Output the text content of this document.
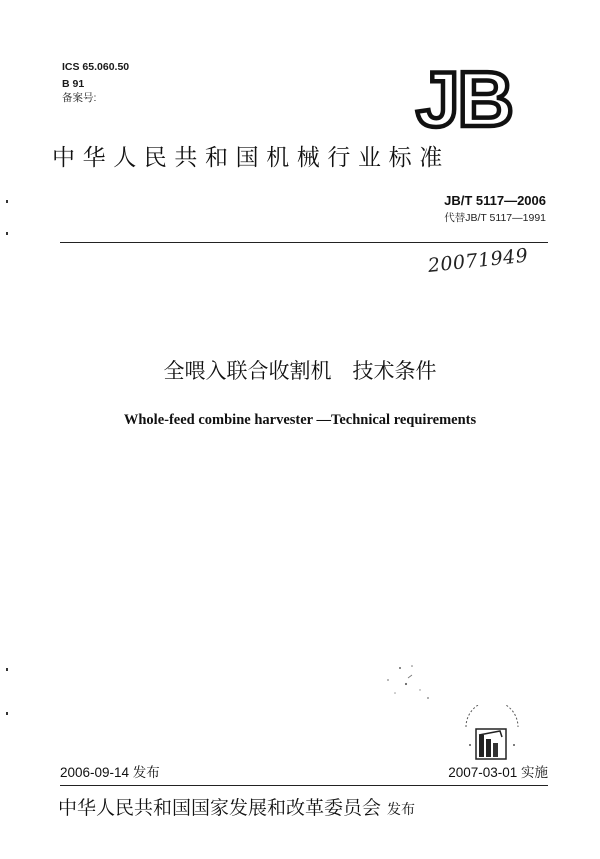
ICS 65.060.50
B 91
备案号:	JB
中华人民共和国机械行业标准
JB/T 5117—2006
代替JB/T 5117—1991
20071949
全喂入联合收割机　技术条件
Whole-feed combine harvester —Technical requirements
2006-09-14 发布	2007-03-01 实施
中华人民共和国国家发展和改革委员会 发布
